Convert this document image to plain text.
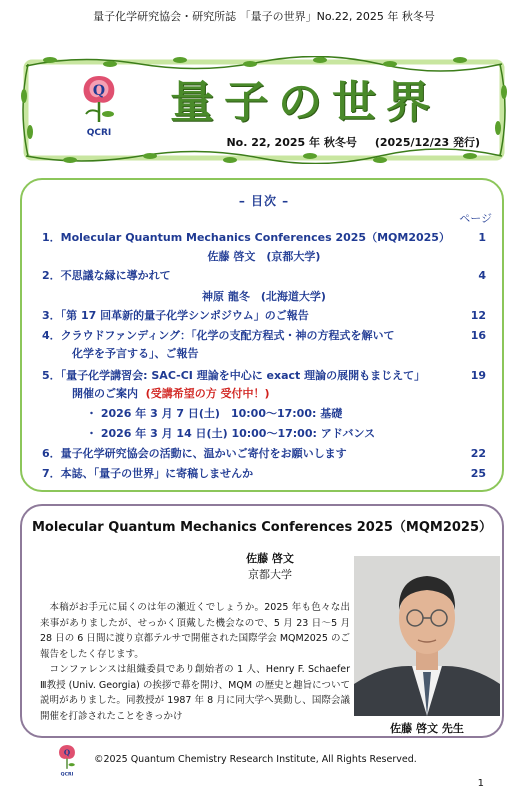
量子化学研究協会・研究所誌 「量子の世界」No.22, 2025 年 秋冬号
Q
QCRI
量子の世界
No. 22, 2025 年 秋冬号 (2025/12/23 発行)
– 目次 –
ページ
1．Molecular Quantum Mechanics Conferences 2025（MQM2025）	1
佐藤 啓文　(京都大学)
2．不思議な縁に導かれて	4
神原 龍冬　(北海道大学)
3．「第 17 回革新的量子化学シンポジウム」のご報告	12
4．クラウドファンディング：「化学の支配方程式・神の方程式を解いて	16
化学を予言する」、ご報告
5．「量子化学講習会: SAC-CI 理論を中心に exact 理論の展開もまじえて」	19
開催のご案内 (受講希望の方 受付中！)
・ 2026 年 3 月 7 日(土)　10:00～17:00: 基礎
・ 2026 年 3 月 14 日(土) 10:00～17:00: アドバンス
6．量子化学研究協会の活動に、温かいご寄付をお願いします	22
7．本誌、「量子の世界」に寄稿しませんか	25
Molecular Quantum Mechanics Conferences 2025（MQM2025）
佐藤 啓文
京都大学

本稿がお手元に届くのは年の瀬近くでしょうか。2025 年も色々な出来事がありましたが、せっかく頂戴した機会なので、5 月 23 日～5 月 28 日の 6 日間に渡り京都テルサで開催された国際学会 MQM2025 のご報告をしたく存じます。

コンファレンスは組織委員であり創始者の 1 人、Henry F. Schaefer Ⅲ教授 (Univ. Georgia) の挨拶で幕を開け、MQM の歴史と趣旨について説明がありました。同教授が 1987 年 8 月に同大学へ異動し、国際会議開催を打診されたことをきっかけ

佐藤 啓文 先生
Q
QCRI
©2025 Quantum Chemistry Research Institute, All Rights Reserved.
1
